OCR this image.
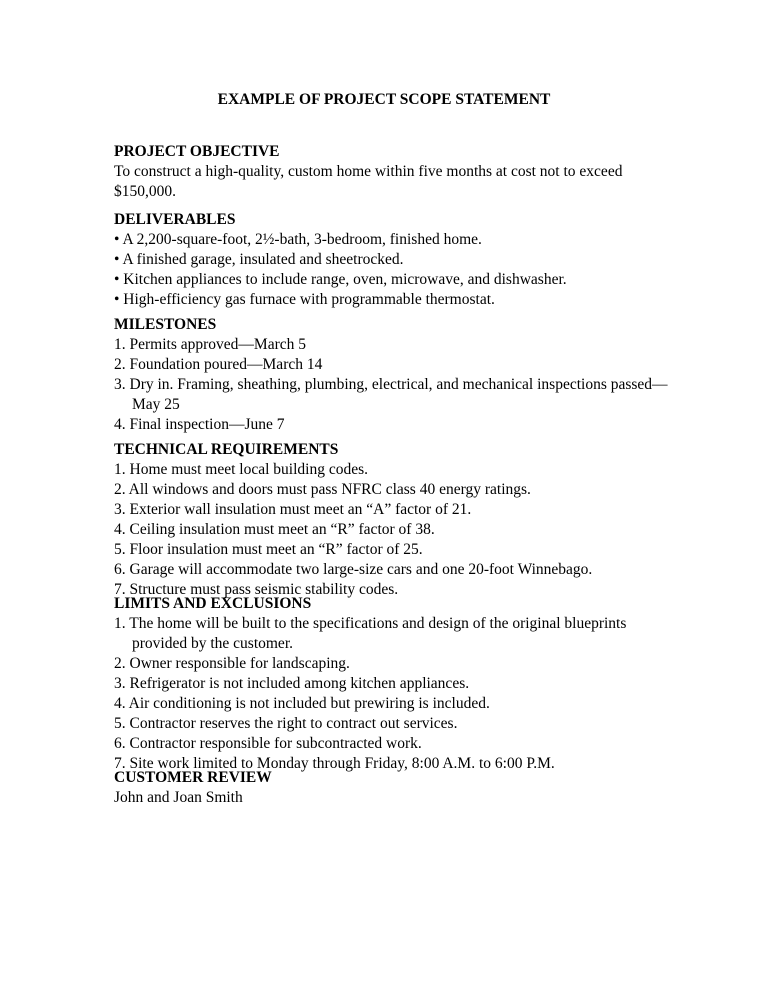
EXAMPLE OF PROJECT SCOPE STATEMENT
PROJECT OBJECTIVE
To construct a high-quality, custom home within five months at cost not to exceed
$150,000.
DELIVERABLES
• A 2,200-square-foot, 2½-bath, 3-bedroom, finished home.
• A finished garage, insulated and sheetrocked.
• Kitchen appliances to include range, oven, microwave, and dishwasher.
• High-efficiency gas furnace with programmable thermostat.
MILESTONES
1. Permits approved—March 5
2. Foundation poured—March 14
3. Dry in. Framing, sheathing, plumbing, electrical, and mechanical inspections passed—
May 25
4. Final inspection—June 7
TECHNICAL REQUIREMENTS
1. Home must meet local building codes.
2. All windows and doors must pass NFRC class 40 energy ratings.
3. Exterior wall insulation must meet an “A” factor of 21.
4. Ceiling insulation must meet an “R” factor of 38.
5. Floor insulation must meet an “R” factor of 25.
6. Garage will accommodate two large-size cars and one 20-foot Winnebago.
7. Structure must pass seismic stability codes.
LIMITS AND EXCLUSIONS
1. The home will be built to the specifications and design of the original blueprints
provided by the customer.
2. Owner responsible for landscaping.
3. Refrigerator is not included among kitchen appliances.
4. Air conditioning is not included but prewiring is included.
5. Contractor reserves the right to contract out services.
6. Contractor responsible for subcontracted work.
7. Site work limited to Monday through Friday, 8:00 A.M. to 6:00 P.M.
CUSTOMER REVIEW
John and Joan Smith
